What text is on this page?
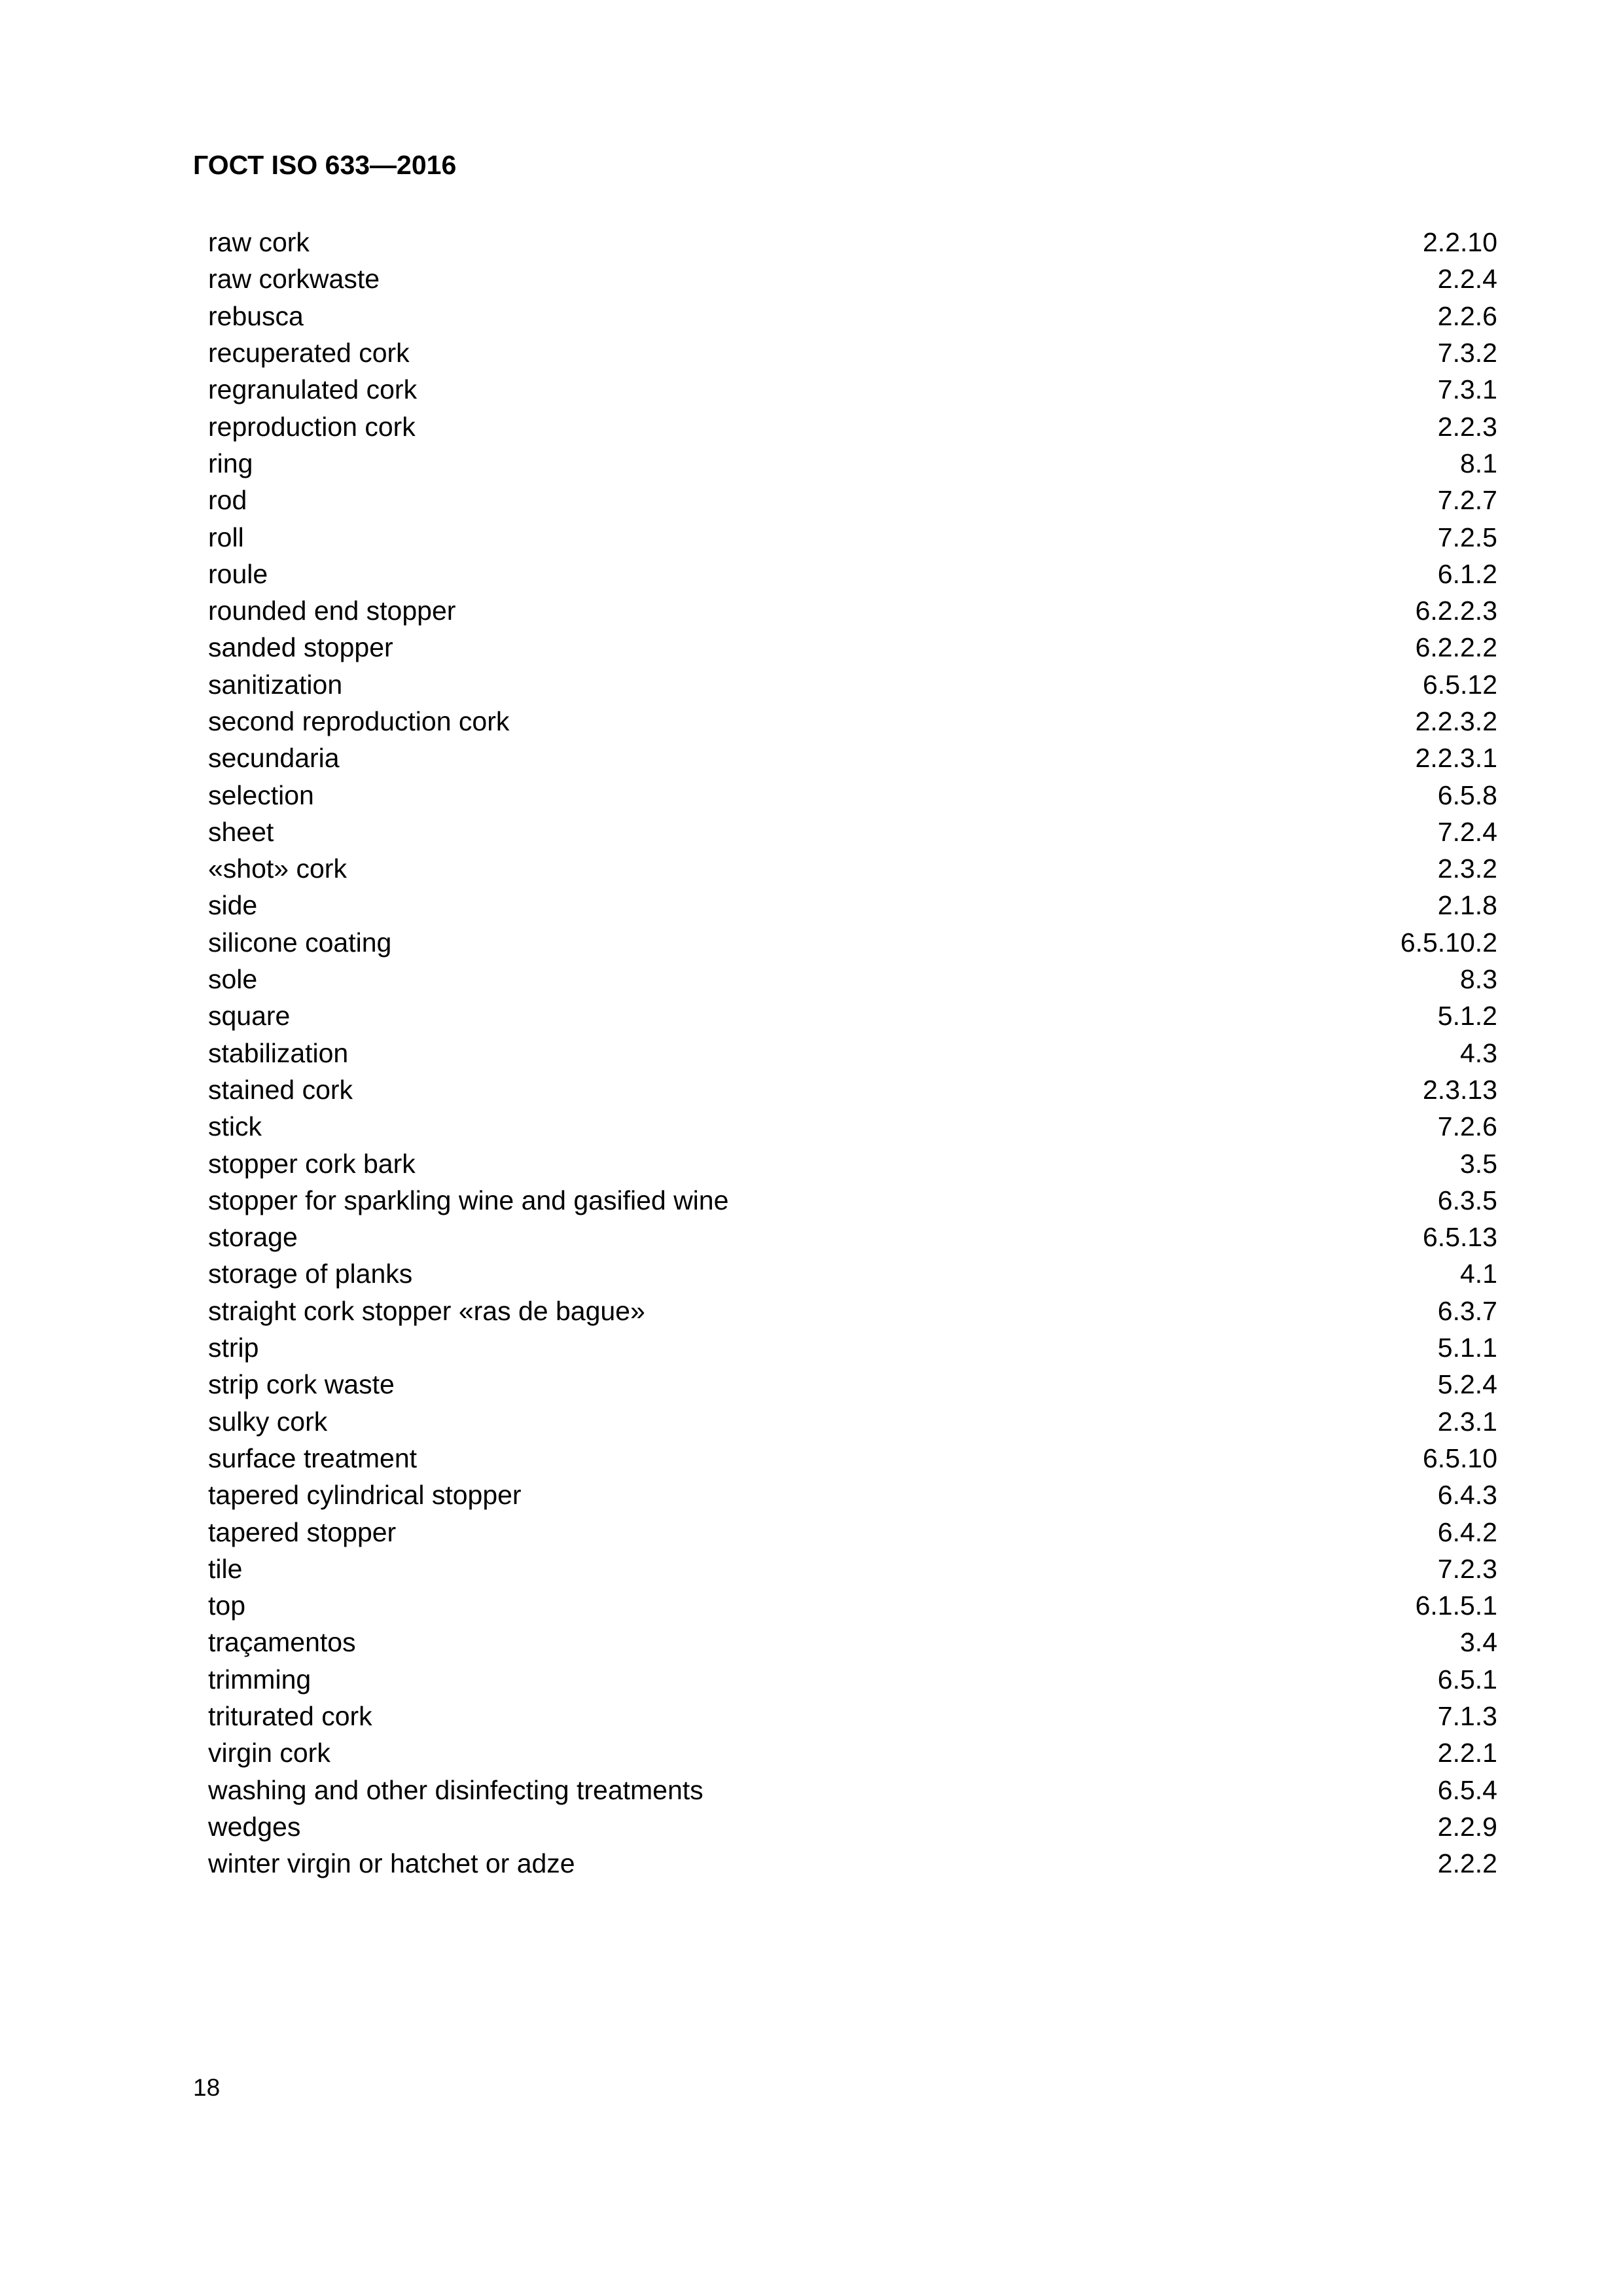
ГОСТ ISO 633—2016
raw cork	2.2.10
raw corkwaste	2.2.4
rebusca	2.2.6
recuperated cork	7.3.2
regranulated cork	7.3.1
reproduction cork	2.2.3
ring	8.1
rod	7.2.7
roll	7.2.5
roule	6.1.2
rounded end stopper	6.2.2.3
sanded stopper	6.2.2.2
sanitization	6.5.12
second reproduction cork	2.2.3.2
secundaria	2.2.3.1
selection	6.5.8
sheet	7.2.4
«shot» cork	2.3.2
side	2.1.8
silicone coating	6.5.10.2
sole	8.3
square	5.1.2
stabilization	4.3
stained cork	2.3.13
stick	7.2.6
stopper cork bark	3.5
stopper for sparkling wine and gasified wine	6.3.5
storage	6.5.13
storage of planks	4.1
straight cork stopper «ras de bague»	6.3.7
strip	5.1.1
strip cork waste	5.2.4
sulky cork	2.3.1
surface treatment	6.5.10
tapered cylindrical stopper	6.4.3
tapered stopper	6.4.2
tile	7.2.3
top	6.1.5.1
traçamentos	3.4
trimming	6.5.1
triturated cork	7.1.3
virgin cork	2.2.1
washing and other disinfecting treatments	6.5.4
wedges	2.2.9
winter virgin or hatchet or adze	2.2.2
18
